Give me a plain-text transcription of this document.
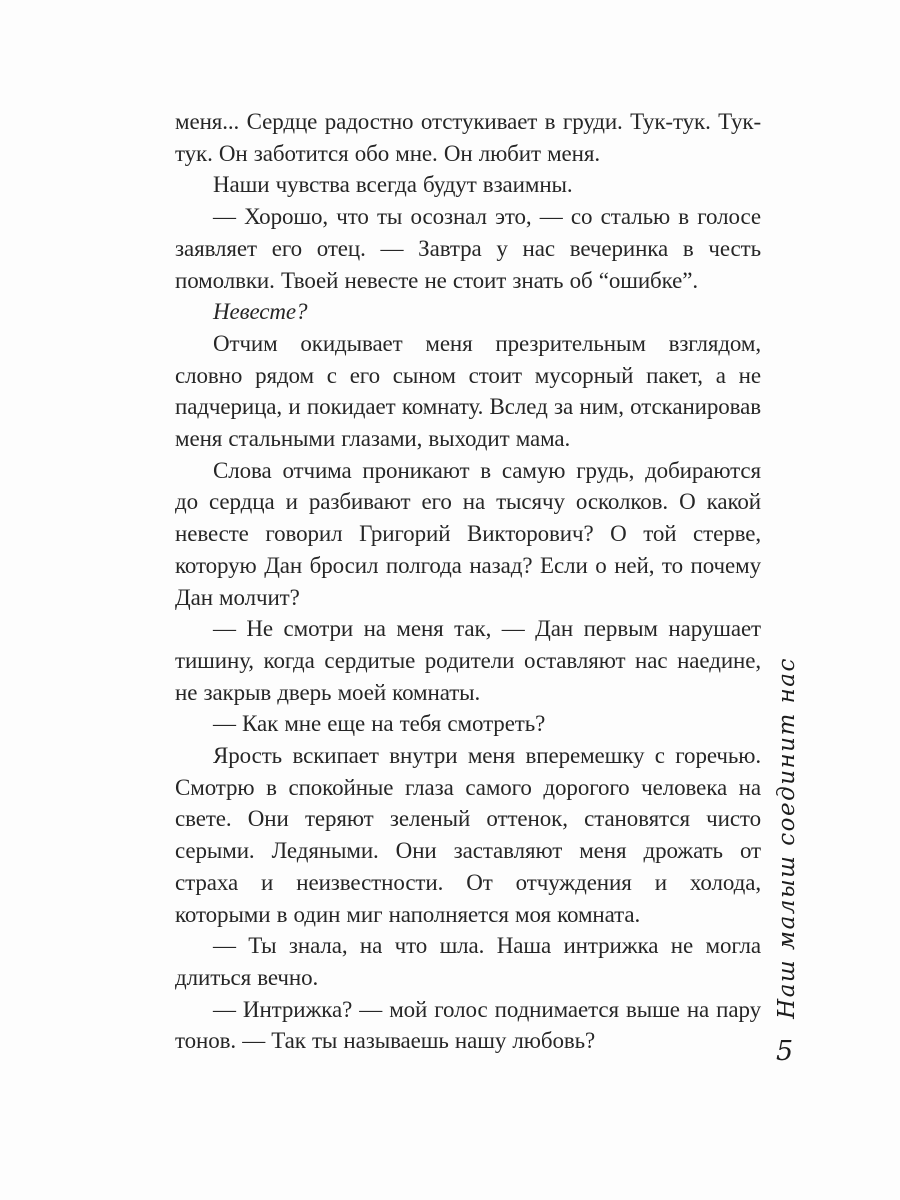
меня... Сердце радостно отстукивает в груди. Тук-тук. Тук-тук. Он заботится обо мне. Он любит меня.

Наши чувства всегда будут взаимны.

— Хорошо, что ты осознал это, — со сталью в голосе заявляет его отец. — Завтра у нас вечеринка в честь помолвки. Твоей невесте не стоит знать об “ошибке”.

Невесте?

Отчим окидывает меня презрительным взглядом, словно рядом с его сыном стоит мусорный пакет, а не падчерица, и покидает комнату. Вслед за ним, отсканировав меня стальными глазами, выходит мама.

Слова отчима проникают в самую грудь, добираются до сердца и разбивают его на тысячу осколков. О какой невесте говорил Григорий Викторович? О той стерве, которую Дан бросил полгода назад? Если о ней, то почему Дан молчит?

— Не смотри на меня так, — Дан первым нарушает тишину, когда сердитые родители оставляют нас наедине, не закрыв дверь моей комнаты.

— Как мне еще на тебя смотреть?

Ярость вскипает внутри меня вперемешку с горечью. Смотрю в спокойные глаза самого дорогого человека на свете. Они теряют зеленый оттенок, становятся чисто серыми. Ледяными. Они заставляют меня дрожать от страха и неизвестности. От отчуждения и холода, которыми в один миг наполняется моя комната.

— Ты знала, на что шла. Наша интрижка не могла длиться вечно.

— Интрижка? — мой голос поднимается выше на пару тонов. — Так ты называешь нашу любовь?

Наш малыш соединит нас
5
